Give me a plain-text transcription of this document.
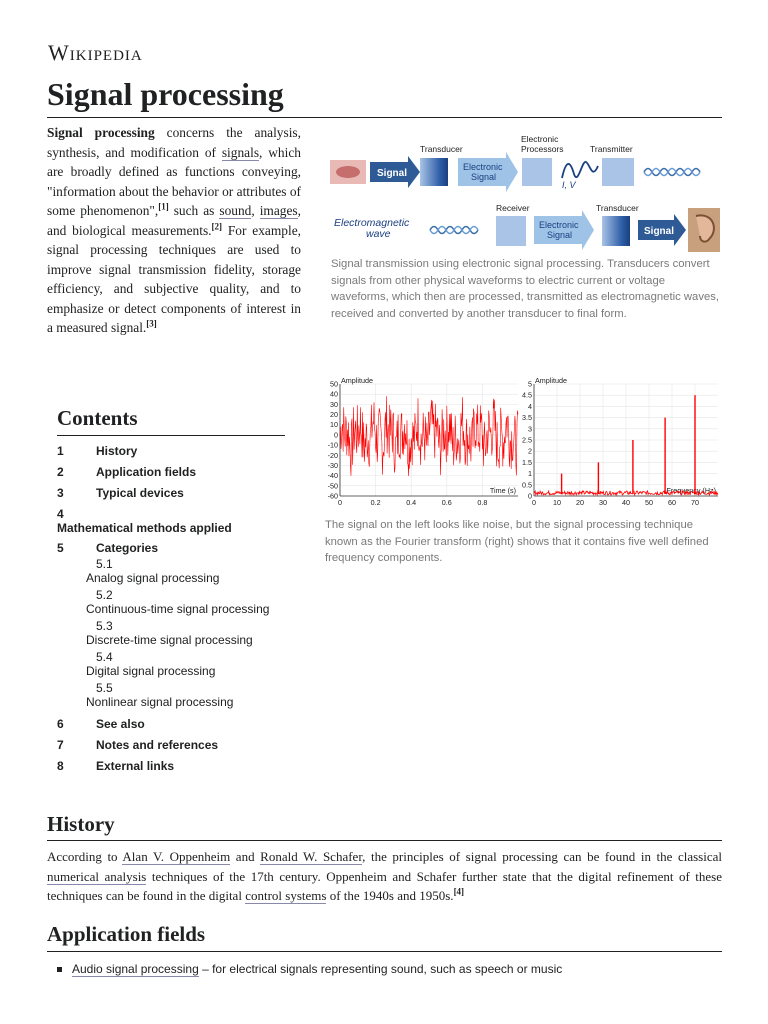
Wikipedia
Signal processing
Signal processing concerns the analysis, synthesis, and modification of signals, which are broadly defined as functions conveying, "information about the behavior or attributes of some phenomenon",[1] such as sound, images, and biological measurements.[2] For example, signal processing techniques are used to improve signal transmission fidelity, storage efficiency, and subjective quality, and to emphasize or detect components of interest in a measured signal.[3]
Signal
Transducer
Electronic
Signal
Electronic
Processors
I, V
Transmitter
Electromagnetic
wave
Receiver
Electronic
Signal
Transducer
Signal
Signal transmission using electronic signal processing. Transducers convert signals from other physical waveforms to electric current or voltage waveforms, which then are processed, transmitted as electromagnetic waves, received and converted by another transducer to final form.
50
40
30
20
10
0
-10
-20
-30
-40
-50
-60
0	0.2	0.4	0.6	0.8
Amplitude
Time (s)
5
4.5
4
3.5
3
2.5
2
1.5
1
0.5
0
0 10 20 30 40 50 60 70
Amplitude
Frequency (Hz)
The signal on the left looks like noise, but the signal processing technique known as the Fourier transform (right) shows that it contains five well defined frequency components.
Contents
1	History
2	Application fields
3	Typical devices
4
Mathematical methods applied
5	Categories
5.1
Analog signal processing
5.2
Continuous-time signal processing
5.3
Discrete-time signal processing
5.4
Digital signal processing
5.5
Nonlinear signal processing
6	See also
7	Notes and references
8	External links
History
According to Alan V. Oppenheim and Ronald W. Schafer, the principles of signal processing can be found in the classical numerical analysis techniques of the 17th century. Oppenheim and Schafer further state that the digital refinement of these techniques can be found in the digital control systems of the 1940s and 1950s.[4]
Application fields
Audio signal processing – for electrical signals representing sound, such as speech or music
